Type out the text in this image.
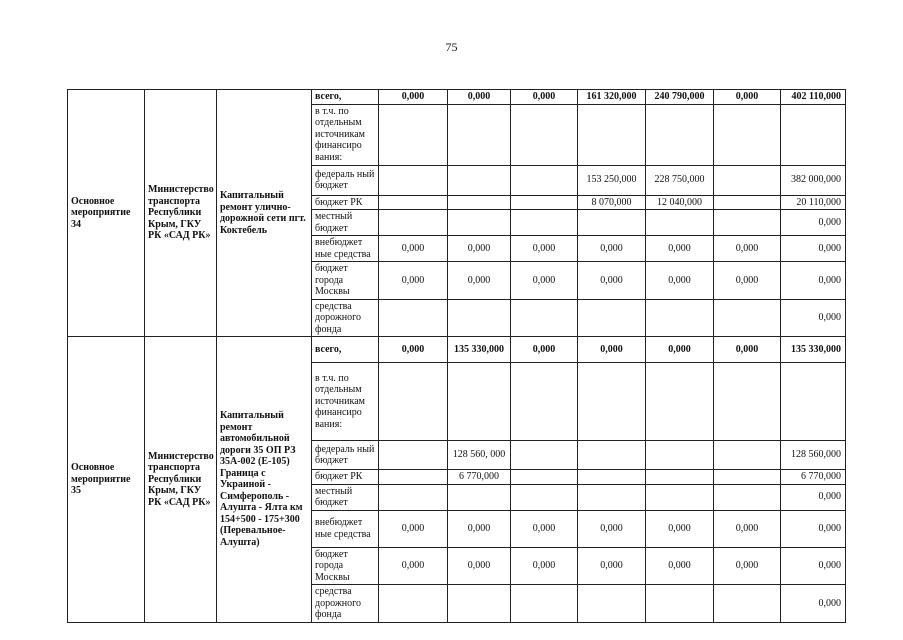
75
Основное мероприятие 34	Министерство транспорта Республики Крым, ГКУ РК «САД РК»	Капитальный ремонт улично-дорожной сети пгт. Коктебель	всего,	0,000	0,000	0,000	161 320,000	240 790,000	0,000	402 110,000
			в т.ч. по отдельным источникам финансиро вания:							
			федераль ный бюджет				153 250,000	228 750,000		382 000,000
			бюджет РК				8 070,000	12 040,000		20 110,000
			местный бюджет							0,000
			внебюджет ные средства	0,000	0,000	0,000	0,000	0,000	0,000	0,000
			бюджет города Москвы	0,000	0,000	0,000	0,000	0,000	0,000	0,000
			средства дорожного фонда							0,000
Основное мероприятие 35	Министерство транспорта Республики Крым, ГКУ РК «САД РК»	Капитальный ремонт автомобильной дороги 35 ОП РЗ 35А-002 (Е-105) Граница с Украиной - Симферополь - Алушта - Ялта км 154+500 - 175+300 (Перевальное-Алушта)	всего,	0,000	135 330,000	0,000	0,000	0,000	0,000	135 330,000
			в т.ч. по отдельным источникам финансиро вания:							
			федераль ный бюджет		128 560, 000					128 560,000
			бюджет РК		6 770,000					6 770,000
			местный бюджет							0,000
			внебюджет ные средства	0,000	0,000	0,000	0,000	0,000	0,000	0,000
			бюджет города Москвы	0,000	0,000	0,000	0,000	0,000	0,000	0,000
			средства дорожного фонда							0,000
